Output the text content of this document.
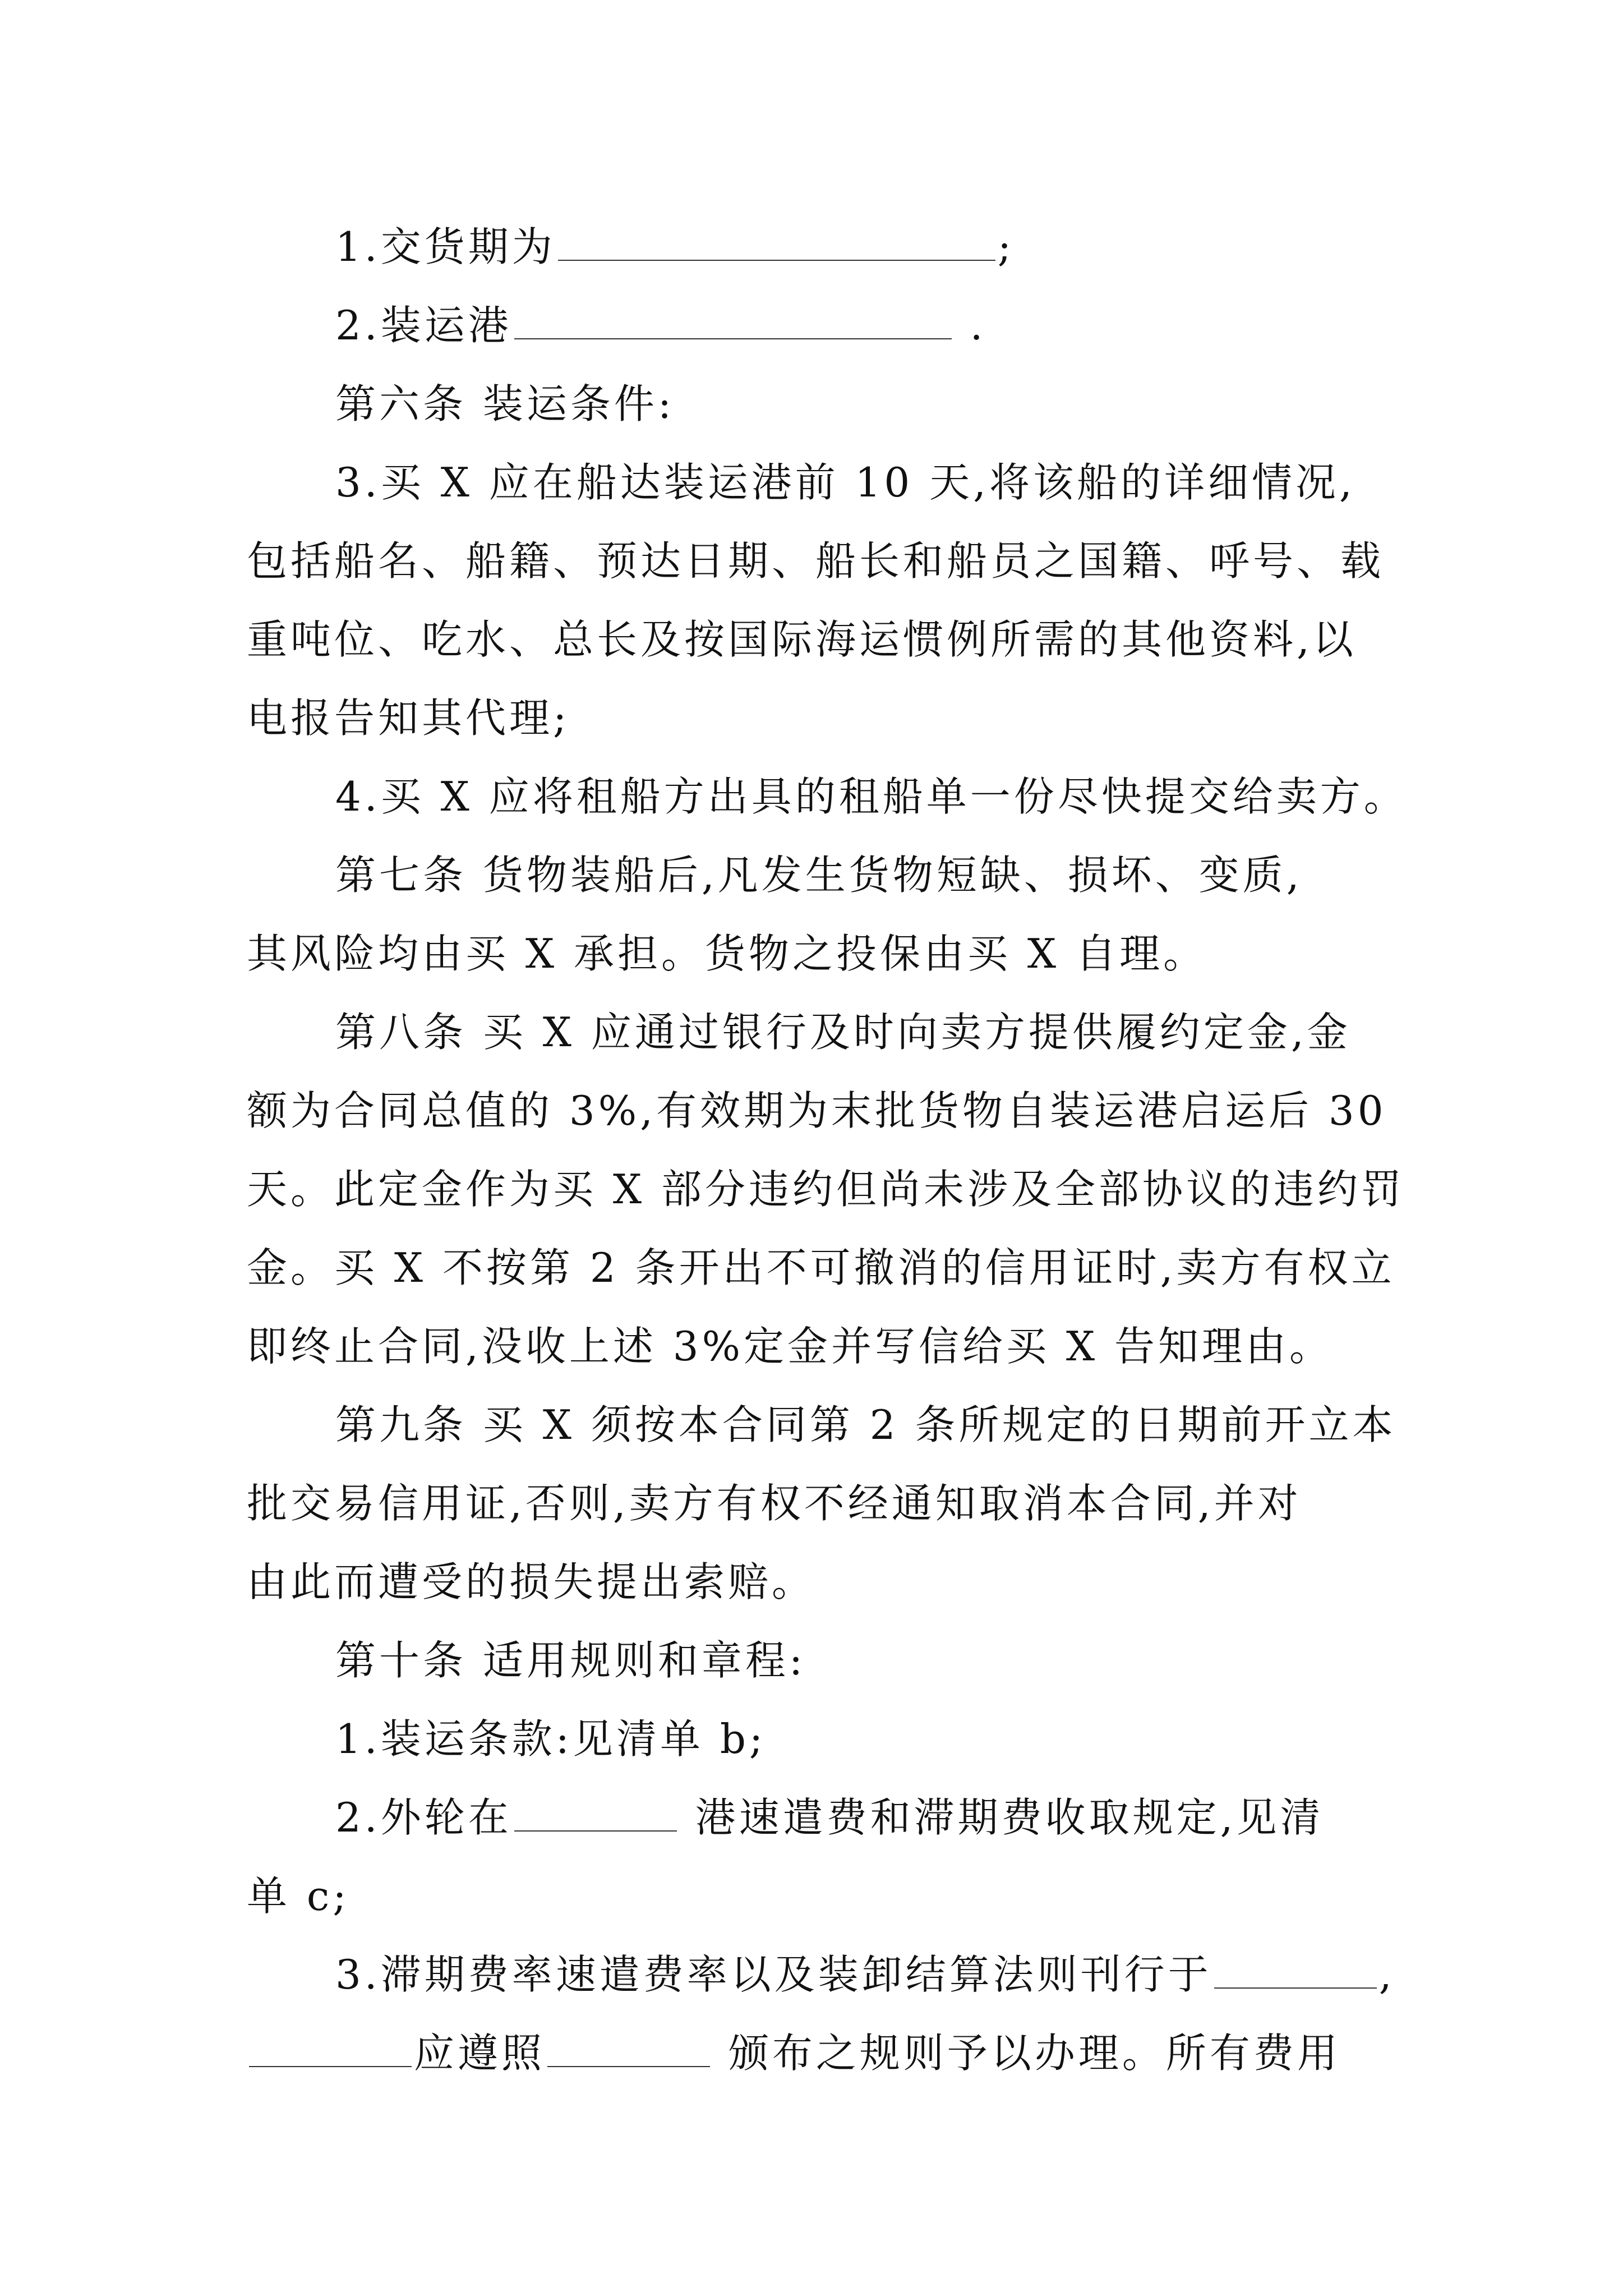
1.交货期为	;
2.装运港	.
第六条 装运条件:
3.买 X 应在船达装运港前 10 天,将该船的详细情况,
包括船名、船籍、预达日期、船长和船员之国籍、呼号、载
重吨位、吃水、总长及按国际海运惯例所需的其他资料,以
电报告知其代理;
4.买 X 应将租船方出具的租船单一份尽快提交给卖方。
第七条 货物装船后,凡发生货物短缺、损坏、变质,
其风险均由买 X 承担。货物之投保由买 X 自理。
第八条 买 X 应通过银行及时向卖方提供履约定金,金
额为合同总值的 3%,有效期为末批货物自装运港启运后 30
天。此定金作为买 X 部分违约但尚未涉及全部协议的违约罚
金。买 X 不按第 2 条开出不可撤消的信用证时,卖方有权立
即终止合同,没收上述 3%定金并写信给买 X 告知理由。
第九条 买 X 须按本合同第 2 条所规定的日期前开立本
批交易信用证,否则,卖方有权不经通知取消本合同,并对
由此而遭受的损失提出索赔。
第十条 适用规则和章程:
1.装运条款:见清单 b;
2.外轮在	港速遣费和滞期费收取规定,见清
单 c;
3.滞期费率速遣费率以及装卸结算法则刊行于	,
应遵照	颁布之规则予以办理。所有费用
